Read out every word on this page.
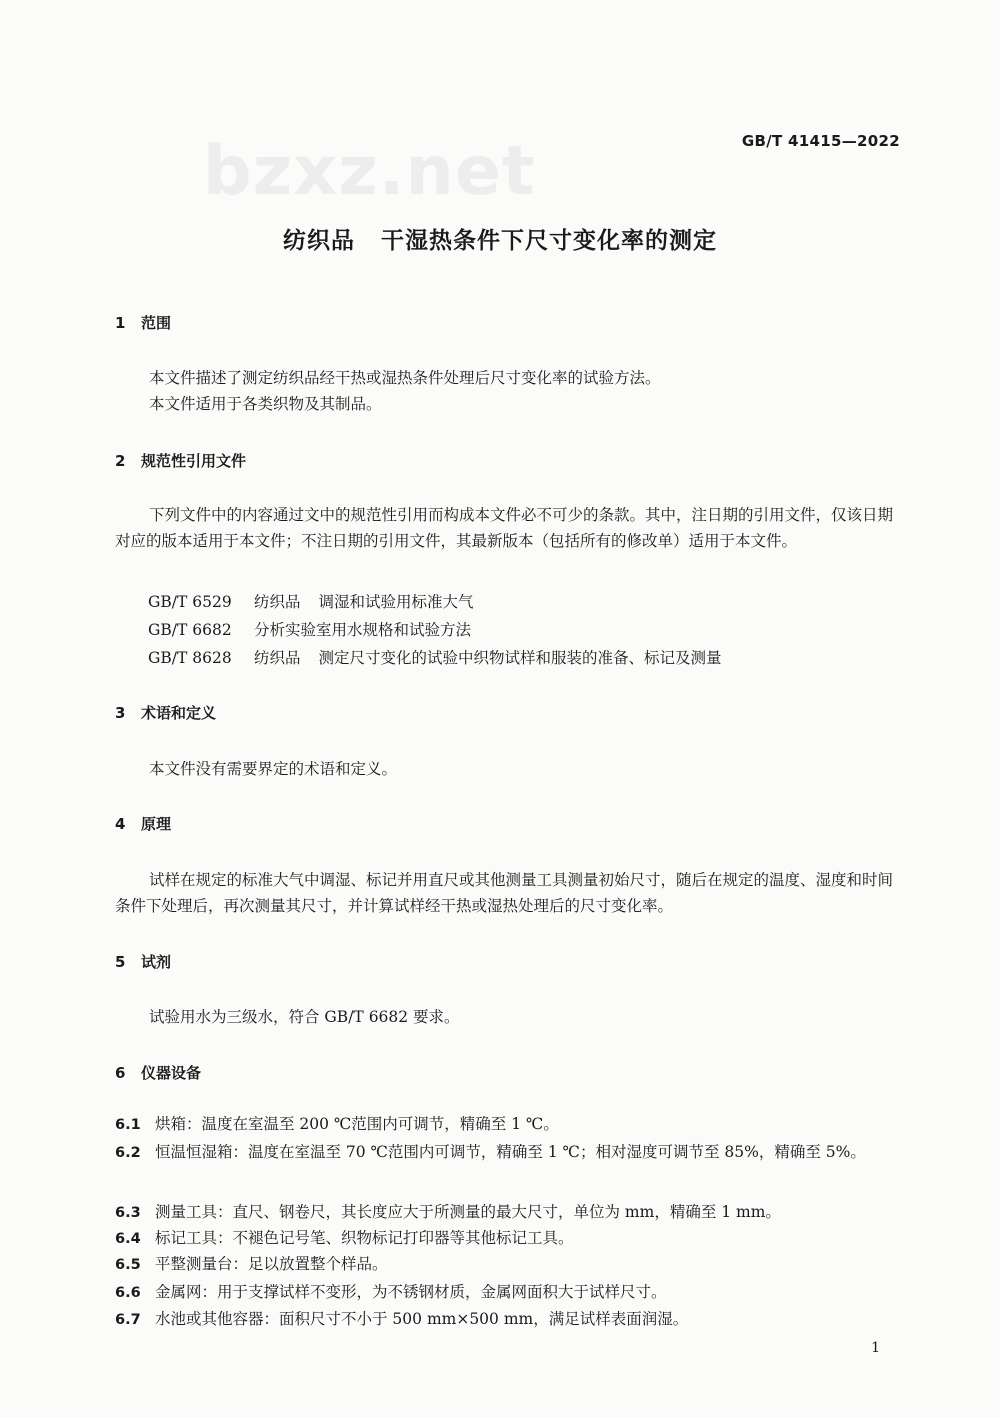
bzxz.net	GB/T 41415—2022
纺织品 干湿热条件下尺寸变化率的测定
1 范围
本文件描述了测定纺织品经干热或湿热条件处理后尺寸变化率的试验方法。
本文件适用于各类织物及其制品。
2 规范性引用文件
下列文件中的内容通过文中的规范性引用而构成本文件必不可少的条款。其中，注日期的引用文件，仅该日期对应的版本适用于本文件；不注日期的引用文件，其最新版本（包括所有的修改单）适用于本文件。
GB/T 6529 纺织品 调湿和试验用标准大气
GB/T 6682 分析实验室用水规格和试验方法
GB/T 8628 纺织品 测定尺寸变化的试验中织物试样和服装的准备、标记及测量
3 术语和定义
本文件没有需要界定的术语和定义。
4 原理
试样在规定的标准大气中调湿、标记并用直尺或其他测量工具测量初始尺寸，随后在规定的温度、湿度和时间条件下处理后，再次测量其尺寸，并计算试样经干热或湿热处理后的尺寸变化率。
5 试剂
试验用水为三级水，符合 GB/T 6682 要求。
6 仪器设备
6.1 烘箱：温度在室温至 200 ℃范围内可调节，精确至 1 ℃。
6.2 恒温恒湿箱：温度在室温至 70 ℃范围内可调节，精确至 1 ℃；相对湿度可调节至 85%，精确至 5%。
6.3 测量工具：直尺、钢卷尺，其长度应大于所测量的最大尺寸，单位为 mm，精确至 1 mm。
6.4 标记工具：不褪色记号笔、织物标记打印器等其他标记工具。
6.5 平整测量台：足以放置整个样品。
6.6 金属网：用于支撑试样不变形，为不锈钢材质，金属网面积大于试样尺寸。
6.7 水池或其他容器：面积尺寸不小于 500 mm×500 mm，满足试样表面润湿。
1
